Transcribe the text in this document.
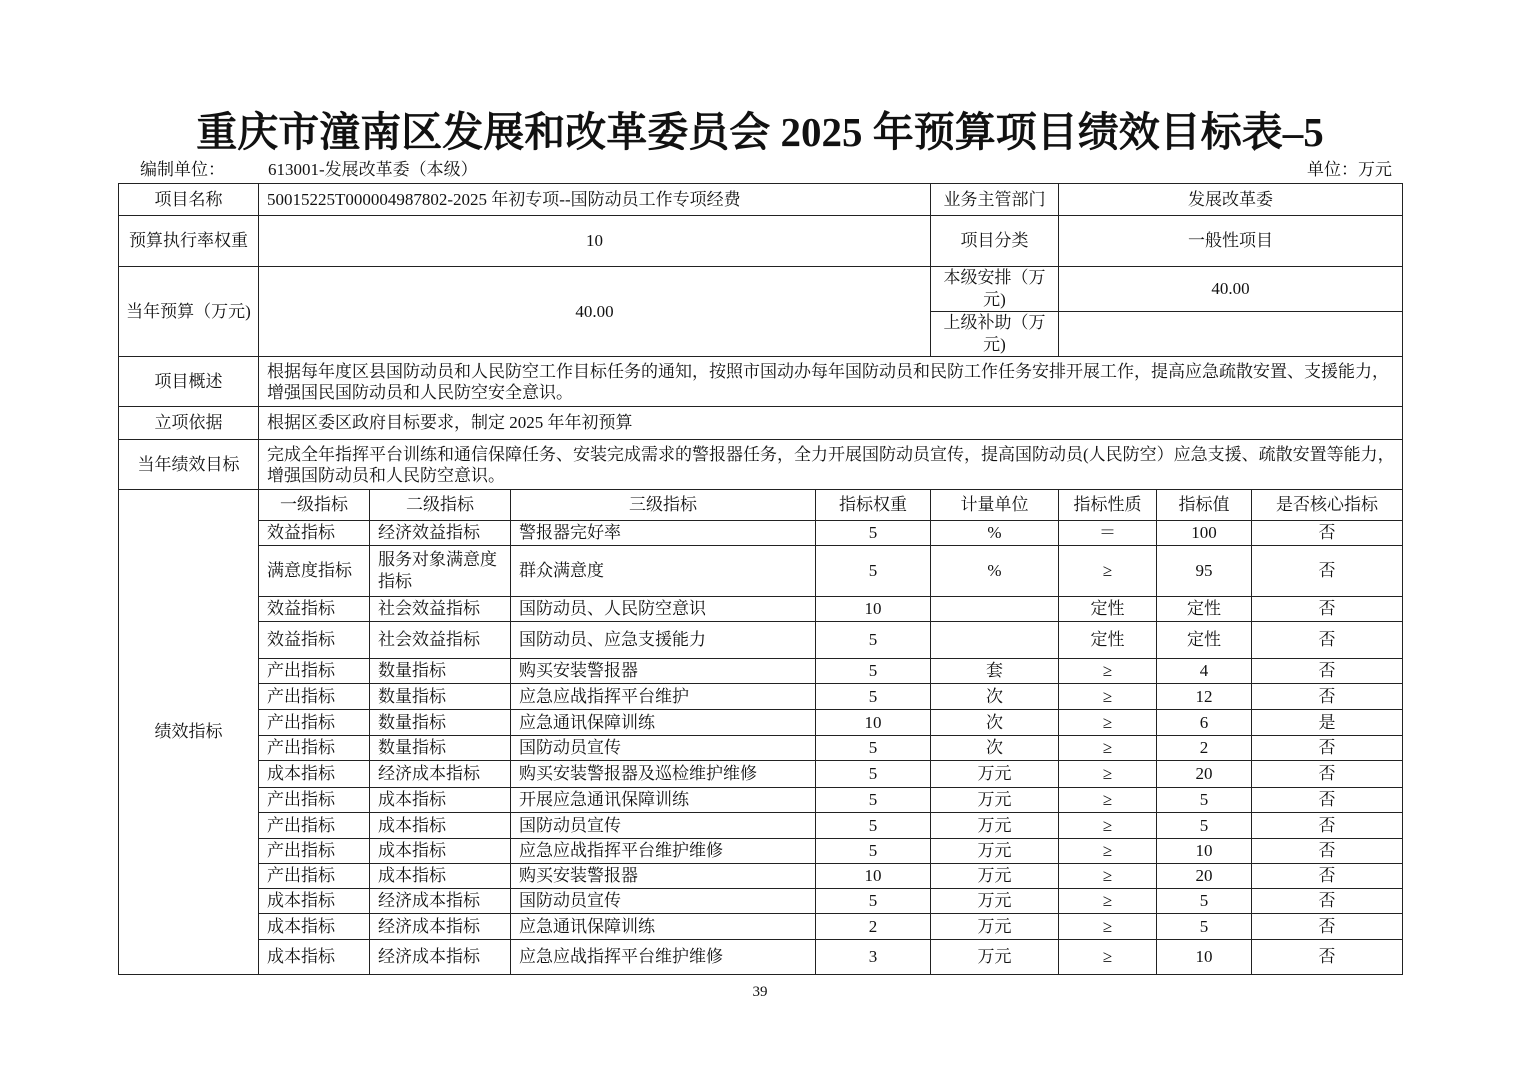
重庆市潼南区发展和改革委员会 2025 年预算项目绩效目标表–5
编制单位：	613001-发展改革委（本级）	单位：万元
项目名称	50015225T000004987802-2025 年初专项--国防动员工作专项经费				业务主管部门	发展改革委		
预算执行率权重	10				项目分类	一般性项目		
当年预算（万元)	40.00				本级安排（万元)	40.00		
					上级补助（万元)			
项目概述	根据每年度区县国防动员和人民防空工作目标任务的通知，按照市国动办每年国防动员和民防工作任务安排开展工作，提高应急疏散安置、支援能力，增强国民国防动员和人民防空安全意识。							
立项依据	根据区委区政府目标要求，制定 2025 年年初预算							
当年绩效目标	完成全年指挥平台训练和通信保障任务、安装完成需求的警报器任务，全力开展国防动员宣传，提高国防动员(人民防空）应急支援、疏散安置等能力，增强国防动员和人民防空意识。							
绩效指标	一级指标	二级指标	三级指标	指标权重	计量单位	指标性质	指标值	是否核心指标
	效益指标	经济效益指标	警报器完好率	5	%	＝	100	否
	满意度指标	服务对象满意度指标	群众满意度	5	%	≥	95	否
	效益指标	社会效益指标	国防动员、人民防空意识	10		定性	定性	否
	效益指标	社会效益指标	国防动员、应急支援能力	5		定性	定性	否
	产出指标	数量指标	购买安装警报器	5	套	≥	4	否
	产出指标	数量指标	应急应战指挥平台维护	5	次	≥	12	否
	产出指标	数量指标	应急通讯保障训练	10	次	≥	6	是
	产出指标	数量指标	国防动员宣传	5	次	≥	2	否
	成本指标	经济成本指标	购买安装警报器及巡检维护维修	5	万元	≥	20	否
	产出指标	成本指标	开展应急通讯保障训练	5	万元	≥	5	否
	产出指标	成本指标	国防动员宣传	5	万元	≥	5	否
	产出指标	成本指标	应急应战指挥平台维护维修	5	万元	≥	10	否
	产出指标	成本指标	购买安装警报器	10	万元	≥	20	否
	成本指标	经济成本指标	国防动员宣传	5	万元	≥	5	否
	成本指标	经济成本指标	应急通讯保障训练	2	万元	≥	5	否
	成本指标	经济成本指标	应急应战指挥平台维护维修	3	万元	≥	10	否
39
